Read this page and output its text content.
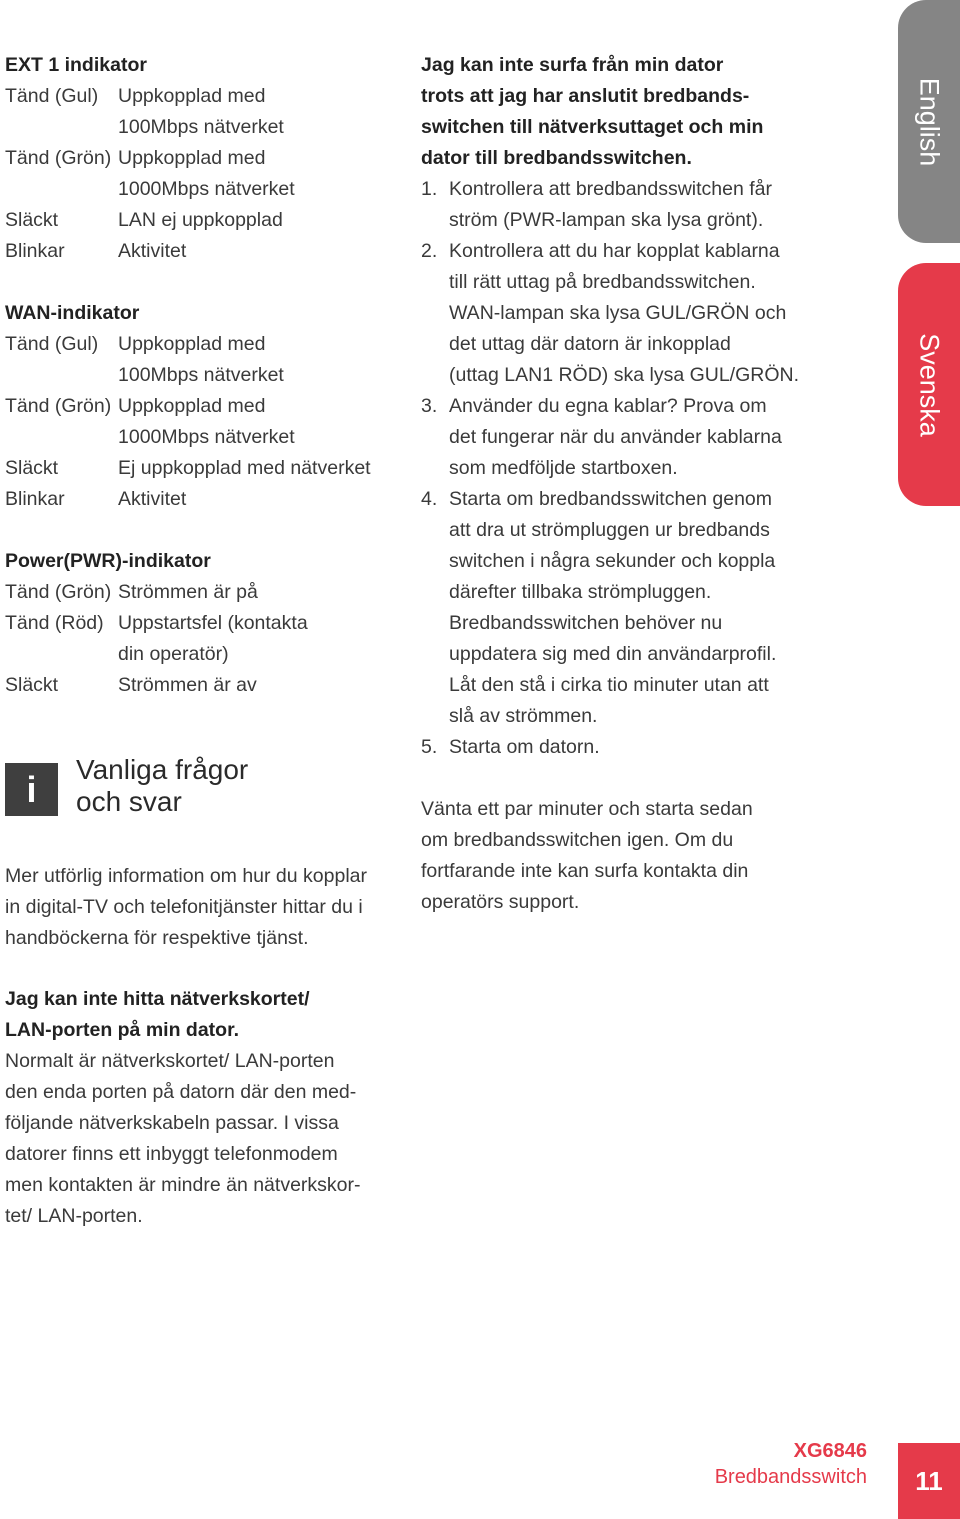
EXT 1 indikator
Tänd (Gul)	Uppkopplad med
100Mbps nätverket
Tänd (Grön) Uppkopplad med
1000Mbps nätverket
Släckt	LAN ej uppkopplad
Blinkar	Aktivitet
WAN-indikator
Tänd (Gul)	Uppkopplad med
100Mbps nätverket
Tänd (Grön) Uppkopplad med
1000Mbps nätverket
Släckt	Ej uppkopplad med nätverket
Blinkar	Aktivitet
Power(PWR)-indikator
Tänd (Grön) Strömmen är på
Tänd (Röd) Uppstartsfel (kontakta
din operatör)
Släckt	Strömmen är av
i	Vanliga frågor
och svar
Mer utförlig information om hur du kopplar
in digital-TV och telefonitjänster hittar du i
handböckerna för respektive tjänst.
Jag kan inte hitta nätverkskortet/
LAN-porten på min dator.
Normalt är nätverkskortet/ LAN-porten
den enda porten på datorn där den med-
följande nätverkskabeln passar. I vissa
datorer finns ett inbyggt telefonmodem
men kontakten är mindre än nätverkskor-
tet/ LAN-porten.
Jag kan inte surfa från min dator
trots att jag har anslutit bredbands-
switchen till nätverksuttaget och min
dator till bredbandsswitchen.
1. Kontrollera att bredbandsswitchen får
ström (PWR-lampan ska lysa grönt).
2. Kontrollera att du har kopplat kablarna
till rätt uttag på bredbandsswitchen.
WAN-lampan ska lysa GUL/GRÖN och
det uttag där datorn är inkopplad
(uttag LAN1 RÖD) ska lysa GUL/GRÖN.
3. Använder du egna kablar? Prova om
det fungerar när du använder kablarna
som medföljde startboxen.
4. Starta om bredbandsswitchen genom
att dra ut strömpluggen ur bredbands
switchen i några sekunder och koppla
därefter tillbaka strömpluggen.
Bredbandsswitchen behöver nu
uppdatera sig med din användarprofil.
Låt den stå i cirka tio minuter utan att
slå av strömmen.
5. Starta om datorn.
Vänta ett par minuter och starta sedan
om bredbandsswitchen igen. Om du
fortfarande inte kan surfa kontakta din
operatörs support.
English
Svenska
XG6846
Bredbandsswitch	11
